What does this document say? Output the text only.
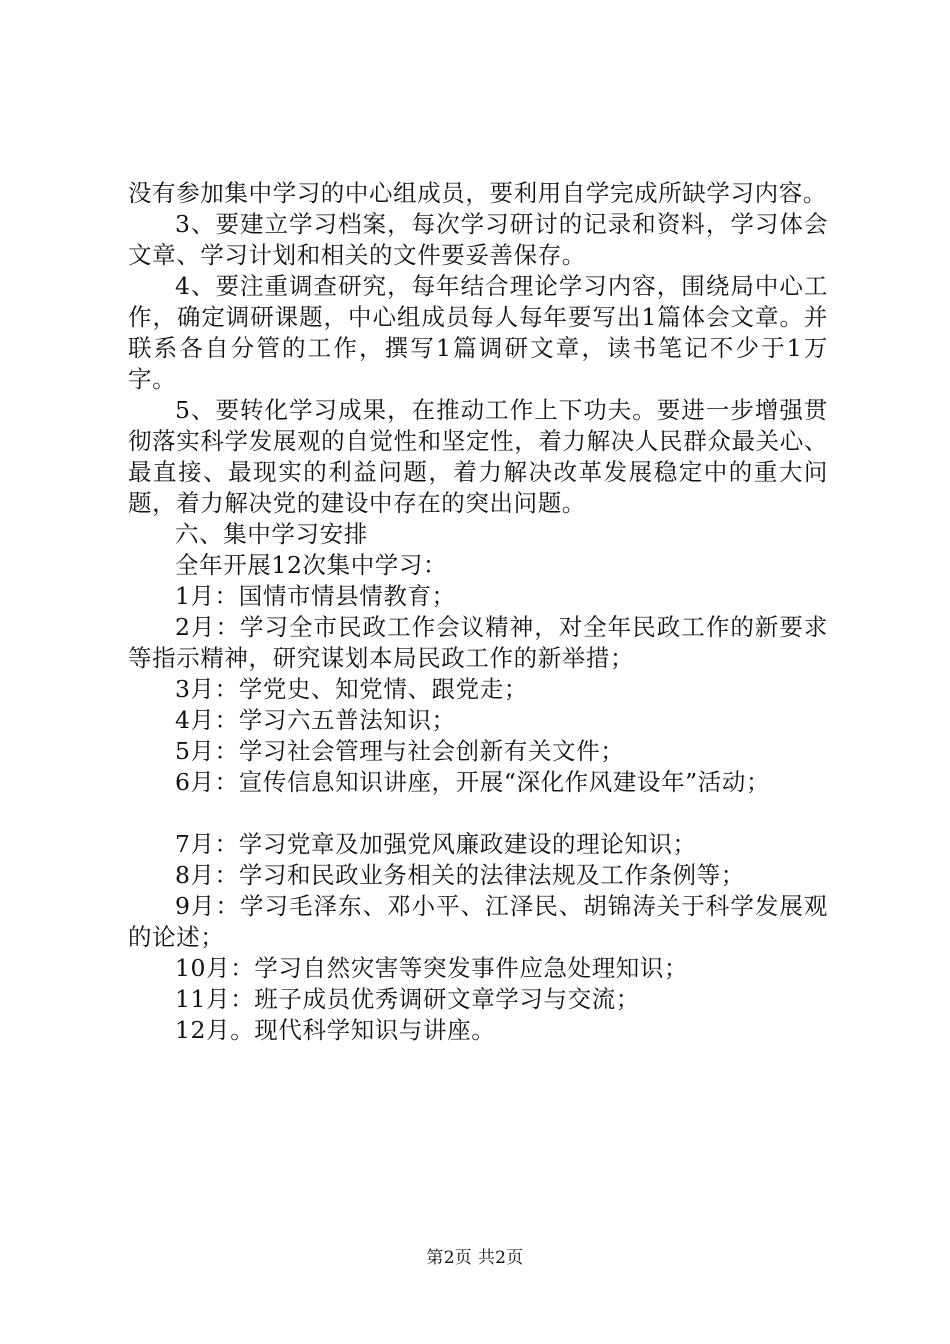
没有参加集中学习的中心组成员，要利用自学完成所缺学习内容。

3、要建立学习档案，每次学习研讨的记录和资料，学习体会文章、学习计划和相关的文件要妥善保存。

4、要注重调查研究，每年结合理论学习内容，围绕局中心工作，确定调研课题，中心组成员每人每年要写出1篇体会文章。并联系各自分管的工作，撰写1篇调研文章，读书笔记不少于1万字。

5、要转化学习成果，在推动工作上下功夫。要进一步增强贯彻落实科学发展观的自觉性和坚定性，着力解决人民群众最关心、最直接、最现实的利益问题，着力解决改革发展稳定中的重大问题，着力解决党的建设中存在的突出问题。

六、集中学习安排

全年开展12次集中学习：

1月：国情市情县情教育；

2月：学习全市民政工作会议精神，对全年民政工作的新要求等指示精神，研究谋划本局民政工作的新举措；

3月：学党史、知党情、跟党走；

4月：学习六五普法知识；

5月：学习社会管理与社会创新有关文件；

6月：宣传信息知识讲座，开展“深化作风建设年”活动；

7月：学习党章及加强党风廉政建设的理论知识；

8月：学习和民政业务相关的法律法规及工作条例等；

9月：学习毛泽东、邓小平、江泽民、胡锦涛关于科学发展观的论述；

10月：学习自然灾害等突发事件应急处理知识；

11月：班子成员优秀调研文章学习与交流；

12月。现代科学知识与讲座。

第2页 共2页
